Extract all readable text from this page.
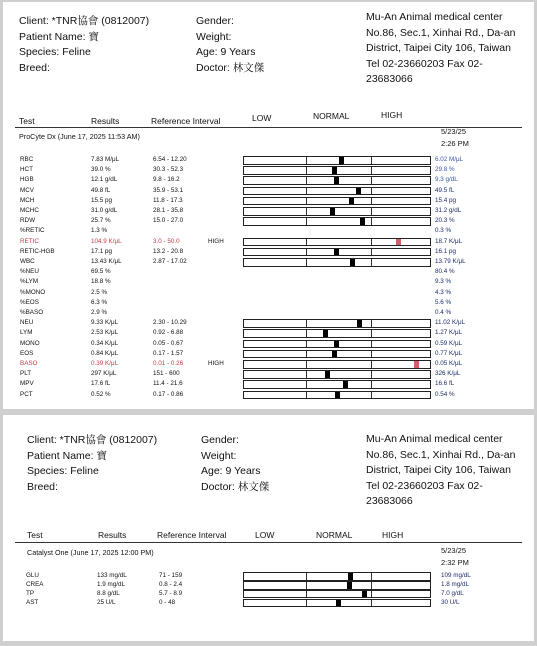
Client: *TNR協會 (0812007)
Patient Name: 寶
Species: Feline
Breed:
Gender:
Weight:
Age: 9 Years
Doctor: 林文傑
Mu-An Animal medical center
No.86, Sec.1, Xinhai Rd., Da-an
District, Taipei City 106, Taiwan
Tel 02-23660203 Fax 02-
23683066
Test	Results	Reference Interval	LOW	NORMAL	HIGH
ProCyte Dx (June 17, 2025 11:53 AM)
5/23/25
2:26 PM
RBC	7.83 M/μL	6.54 - 12.20	6.02 M/μL
HCT	39.0 %	30.3 - 52.3	29.8 %
HGB	12.1 g/dL	9.8 - 16.2	9.3 g/dL
MCV	49.8 fL	35.9 - 53.1	49.5 fL
MCH	15.5 pg	11.8 - 17.3	15.4 pg
MCHC	31.0 g/dL	28.1 - 35.8	31.2 g/dL
RDW	25.7 %	15.0 - 27.0	20.3 %
%RETIC	1.3 %	0.3 %
RETIC	104.9 K/μL	3.0 - 50.0	HIGH	18.7 K/μL
RETIC-HGB	17.1 pg	13.2 - 20.8	16.1 pg
WBC	13.43 K/μL	2.87 - 17.02	13.79 K/μL
%NEU	69.5 %	80.4 %
%LYM	18.8 %	9.3 %
%MONO	2.5 %	4.3 %
%EOS	6.3 %	5.6 %
%BASO	2.9 %	0.4 %
NEU	9.33 K/μL	2.30 - 10.29	11.02 K/μL
LYM	2.53 K/μL	0.92 - 6.88	1.27 K/μL
MONO	0.34 K/μL	0.05 - 0.67	0.59 K/μL
EOS	0.84 K/μL	0.17 - 1.57	0.77 K/μL
BASO	0.39 K/μL	0.01 - 0.26	HIGH	0.05 K/μL
PLT	297 K/μL	151 - 600	326 K/μL
MPV	17.6 fL	11.4 - 21.6	16.6 fL
PCT	0.52 %	0.17 - 0.86	0.54 %
Client: *TNR協會 (0812007)
Patient Name: 寶
Species: Feline
Breed:
Gender:
Weight:
Age: 9 Years
Doctor: 林文傑
Mu-An Animal medical center
No.86, Sec.1, Xinhai Rd., Da-an
District, Taipei City 106, Taiwan
Tel 02-23660203 Fax 02-
23683066
Test	Results	Reference Interval	LOW	NORMAL	HIGH
Catalyst One (June 17, 2025 12:00 PM)	5/23/25
2:32 PM
GLU	133 mg/dL	71 - 159	109 mg/dL
CREA	1.9 mg/dL	0.8 - 2.4	1.8 mg/dL
TP	8.8 g/dL	5.7 - 8.9	7.0 g/dL
AST	25 U/L	0 - 48	30 U/L
